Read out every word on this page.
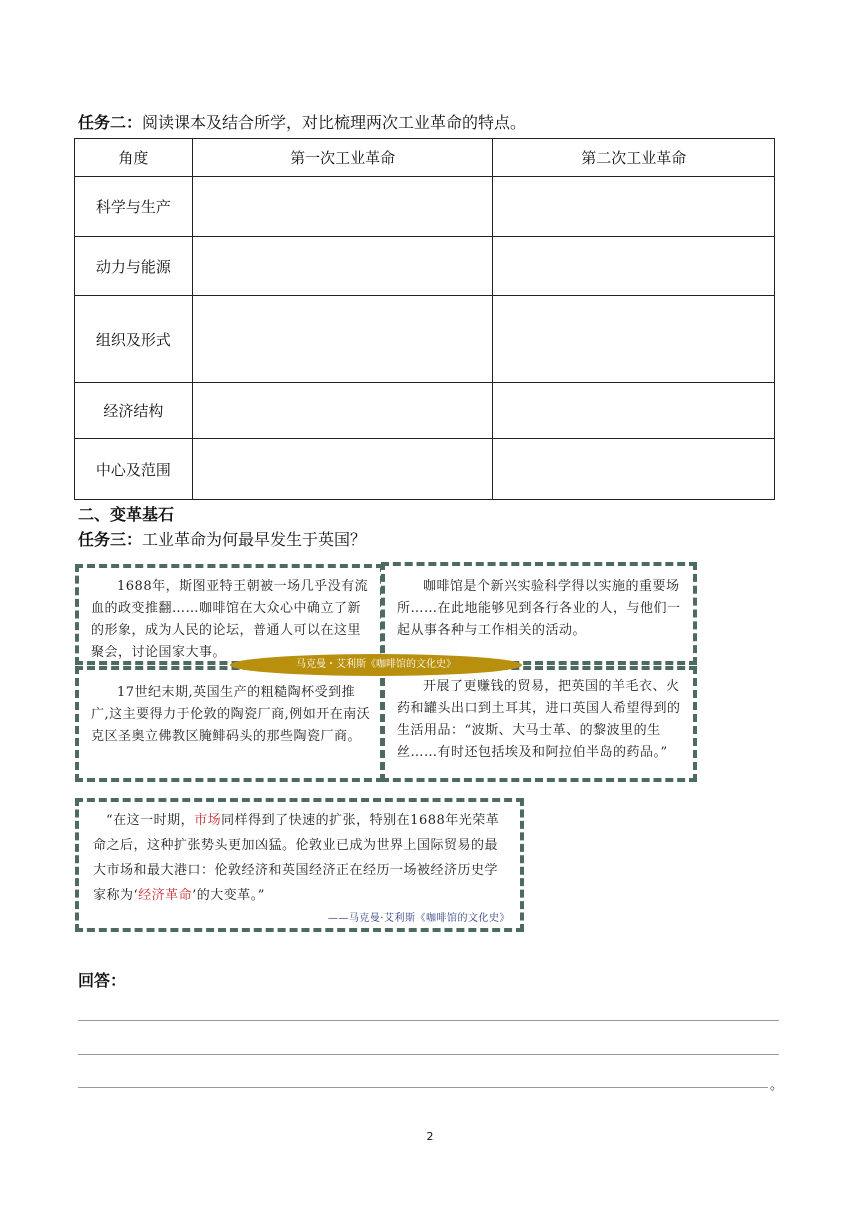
任务二：阅读课本及结合所学，对比梳理两次工业革命的特点。
角度	第一次工业革命	第二次工业革命
科学与生产		
动力与能源		
组织及形式		
经济结构		
中心及范围		
二、变革基石
任务三：工业革命为何最早发生于英国？
1688年，斯图亚特王朝被一场几乎没有流血的政变推翻……咖啡馆在大众心中确立了新的形象，成为人民的论坛，普通人可以在这里聚会，讨论国家大事。
咖啡馆是个新兴实验科学得以实施的重要场所……在此地能够见到各行各业的人，与他们一起从事各种与工作相关的活动。
17世纪末期,英国生产的粗糙陶杯受到推广,这主要得力于伦敦的陶瓷厂商,例如开在南沃克区圣奥立佛教区腌鲱码头的那些陶瓷厂商。
开展了更赚钱的贸易，把英国的羊毛衣、火药和罐头出口到土耳其，进口英国人希望得到的生活用品：“波斯、大马士革、的黎波里的生丝……有时还包括埃及和阿拉伯半岛的药品。”
马克曼・艾利斯《咖啡馆的文化史》
“在这一时期，市场同样得到了快速的扩张，特别在1688年光荣革命之后，这种扩张势头更加凶猛。伦敦业已成为世界上国际贸易的最大市场和最大港口：伦敦经济和英国经济正在经历一场被经济历史学家称为‘经济革命’的大变革。”
——马克曼·艾利斯《咖啡馆的文化史》
回答：
。
2
